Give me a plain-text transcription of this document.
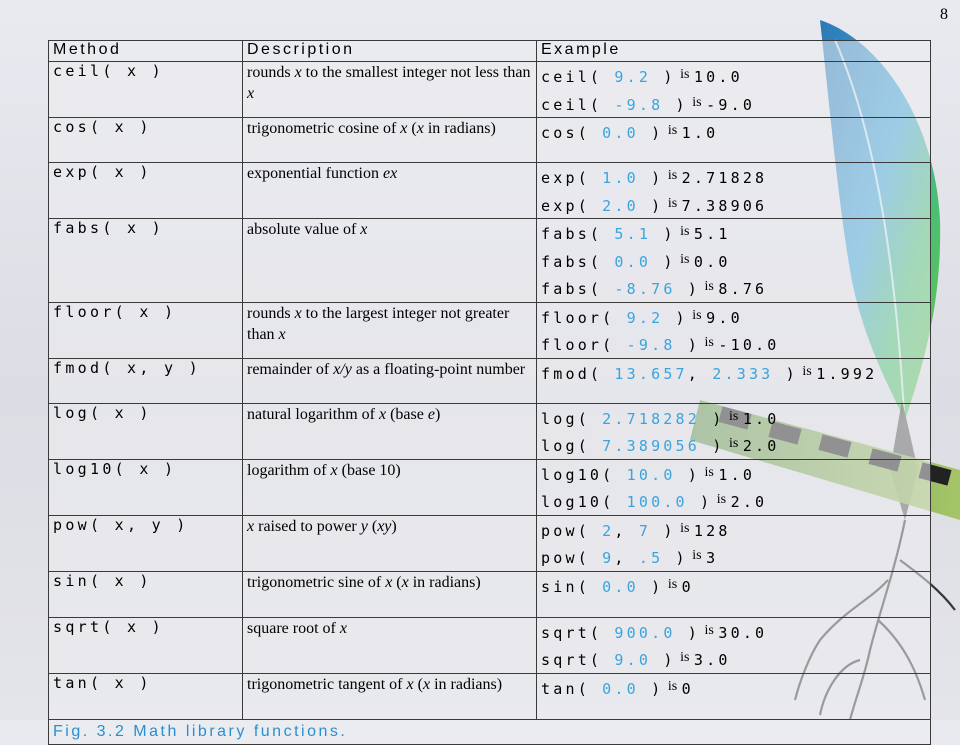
8
Method	Description	Example
ceil( x )	rounds x to the smallest integer not less than x	ceil( 9.2 ) is 10.0
ceil( -9.8 ) is -9.0

cos( x )	trigonometric cosine of x (x in radians)	cos( 0.0 ) is 1.0

exp( x )	exponential function ex	exp( 1.0 ) is 2.71828
exp( 2.0 ) is 7.38906

fabs( x )	absolute value of x	fabs( 5.1 ) is 5.1
fabs( 0.0 ) is 0.0
fabs( -8.76 ) is 8.76

floor( x )	rounds x to the largest integer not greater than x	floor( 9.2 ) is 9.0
floor( -9.8 ) is -10.0

fmod( x, y )	remainder of x/y as a floating-point number	fmod( 13.657, 2.333 ) is 1.992

log( x )	natural logarithm of x (base e)	log( 2.718282 ) is 1.0
log( 7.389056 ) is 2.0

log10( x )	logarithm of x (base 10)	log10( 10.0 ) is 1.0
log10( 100.0 ) is 2.0

pow( x, y )	x raised to power y (xy)	pow( 2, 7 ) is 128
pow( 9, .5 ) is 3

sin( x )	trigonometric sine of x (x in radians)	sin( 0.0 ) is 0

sqrt( x )	square root of x	sqrt( 900.0 ) is 30.0
sqrt( 9.0 ) is 3.0

tan( x )	trigonometric tangent of x (x in radians)	tan( 0.0 ) is 0

Fig. 3.2 Math library functions.		
